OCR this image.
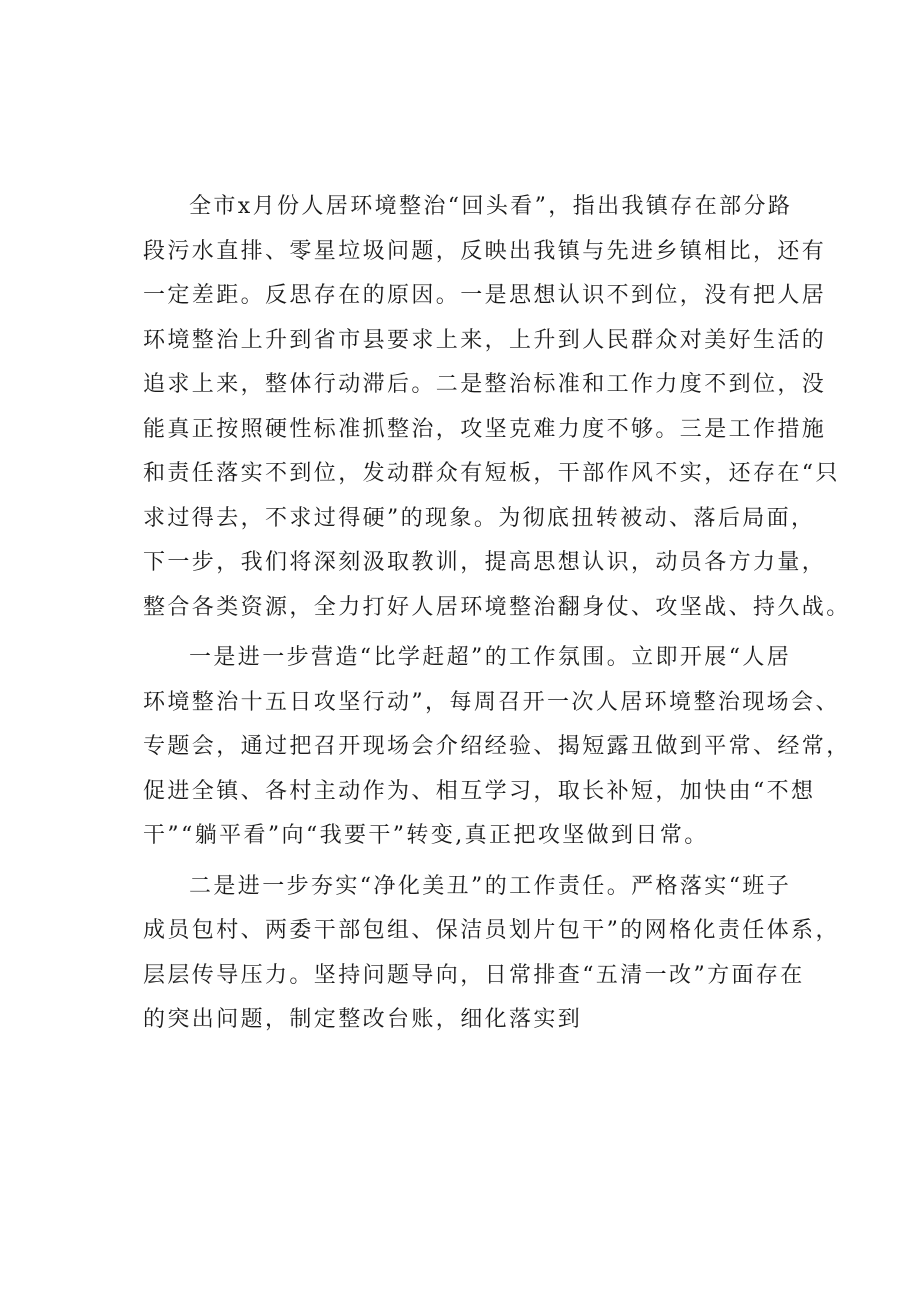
全市x月份人居环境整治“回头看”，指出我镇存在部分路
段污水直排、零星垃圾问题，反映出我镇与先进乡镇相比，还有
一定差距。反思存在的原因。一是思想认识不到位，没有把人居
环境整治上升到省市县要求上来，上升到人民群众对美好生活的
追求上来，整体行动滞后。二是整治标准和工作力度不到位，没
能真正按照硬性标准抓整治，攻坚克难力度不够。三是工作措施
和责任落实不到位，发动群众有短板，干部作风不实，还存在“只
求过得去，不求过得硬”的现象。为彻底扭转被动、落后局面，
下一步，我们将深刻汲取教训，提高思想认识，动员各方力量，
整合各类资源，全力打好人居环境整治翻身仗、攻坚战、持久战。
一是进一步营造“比学赶超”的工作氛围。立即开展“人居
环境整治十五日攻坚行动”，每周召开一次人居环境整治现场会、
专题会，通过把召开现场会介绍经验、揭短露丑做到平常、经常，
促进全镇、各村主动作为、相互学习，取长补短，加快由“不想
干”“躺平看”向“我要干”转变,真正把攻坚做到日常。
二是进一步夯实“净化美丑”的工作责任。严格落实“班子
成员包村、两委干部包组、保洁员划片包干”的网格化责任体系，
层层传导压力。坚持问题导向，日常排查“五清一改”方面存在
的突出问题，制定整改台账，细化落实到
